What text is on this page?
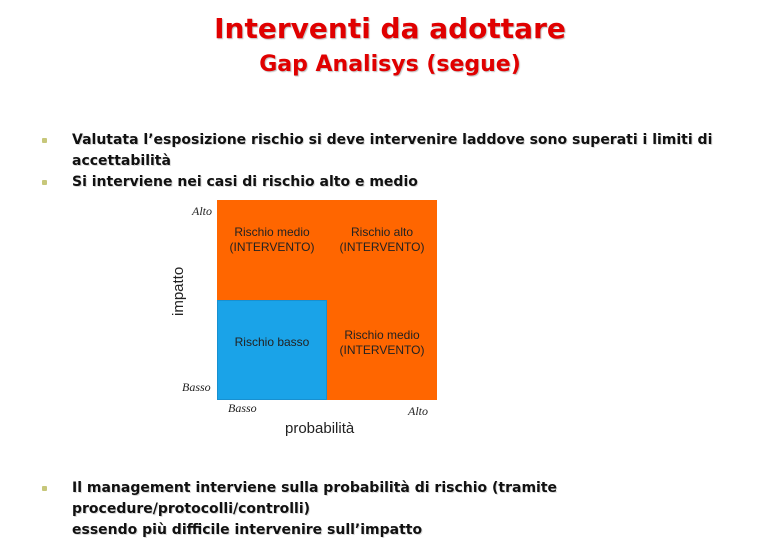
Interventi da adottare
Gap Analisys (segue)
Valutata l’esposizione rischio si deve intervenire laddove sono superati i limiti di accettabilità
Si interviene nei casi di rischio alto e medio
Alto
Basso
impatto
Rischio medio
(INTERVENTO)
Rischio alto
(INTERVENTO)
Rischio basso
Rischio medio
(INTERVENTO)
Basso	Alto
probabilità
Il management interviene sulla probabilità di rischio (tramite procedure/protocolli/controlli)
essendo più difficile intervenire sull’impatto
